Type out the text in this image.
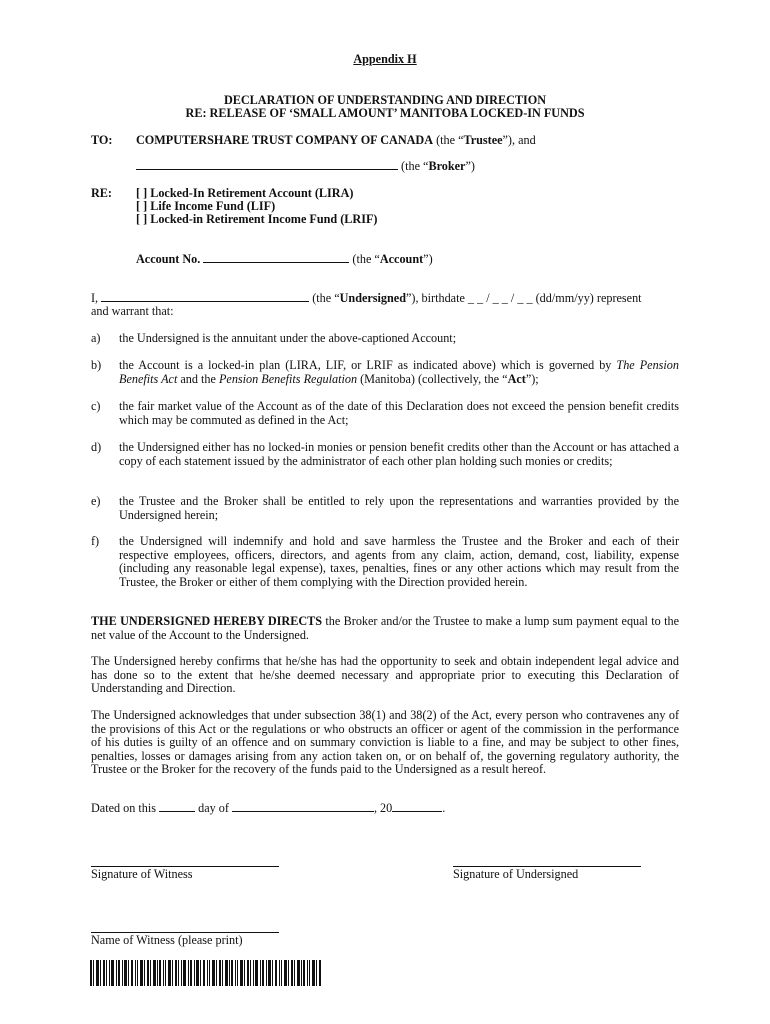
Appendix H
DECLARATION OF UNDERSTANDING AND DIRECTION
RE: RELEASE OF ‘SMALL AMOUNT’ MANITOBA LOCKED-IN FUNDS
TO: COMPUTERSHARE TRUST COMPANY OF CANADA (the “Trustee”), and
(the “Broker”)
RE: [ ] Locked-In Retirement Account (LIRA)
[ ] Life Income Fund (LIF)
[ ] Locked-in Retirement Income Fund (LRIF)
Account No.	(the “Account”)
I,	(the “Undersigned”), birthdate _ _ / _ _ / _ _ (dd/mm/yy) represent
and warrant that:
a) the Undersigned is the annuitant under the above-captioned Account;
b) the Account is a locked-in plan (LIRA, LIF, or LRIF as indicated above) which is governed by The Pension Benefits Act and the Pension Benefits Regulation (Manitoba) (collectively, the “Act”);
c) the fair market value of the Account as of the date of this Declaration does not exceed the pension benefit credits which may be commuted as defined in the Act;
d) the Undersigned either has no locked-in monies or pension benefit credits other than the Account or has attached a copy of each statement issued by the administrator of each other plan holding such monies or credits;
e) the Trustee and the Broker shall be entitled to rely upon the representations and warranties provided by the Undersigned herein;
f) the Undersigned will indemnify and hold and save harmless the Trustee and the Broker and each of their respective employees, officers, directors, and agents from any claim, action, demand, cost, liability, expense (including any reasonable legal expense), taxes, penalties, fines or any other actions which may result from the Trustee, the Broker or either of them complying with the Direction provided herein.
THE UNDERSIGNED HEREBY DIRECTS the Broker and/or the Trustee to make a lump sum payment equal to the net value of the Account to the Undersigned.
The Undersigned hereby confirms that he/she has had the opportunity to seek and obtain independent legal advice and has done so to the extent that he/she deemed necessary and appropriate prior to executing this Declaration of Understanding and Direction.
The Undersigned acknowledges that under subsection 38(1) and 38(2) of the Act, every person who contravenes any of the provisions of this Act or the regulations or who obstructs an officer or agent of the commission in the performance of his duties is guilty of an offence and on summary conviction is liable to a fine, and may be subject to other fines, penalties, losses or damages arising from any action taken on, or on behalf of, the governing regulatory authority, the Trustee or the Broker for the recovery of the funds paid to the Undersigned as a result hereof.
Dated on this	day of	, 20	.
Signature of Witness	Signature of Undersigned
Name of Witness (please print)
